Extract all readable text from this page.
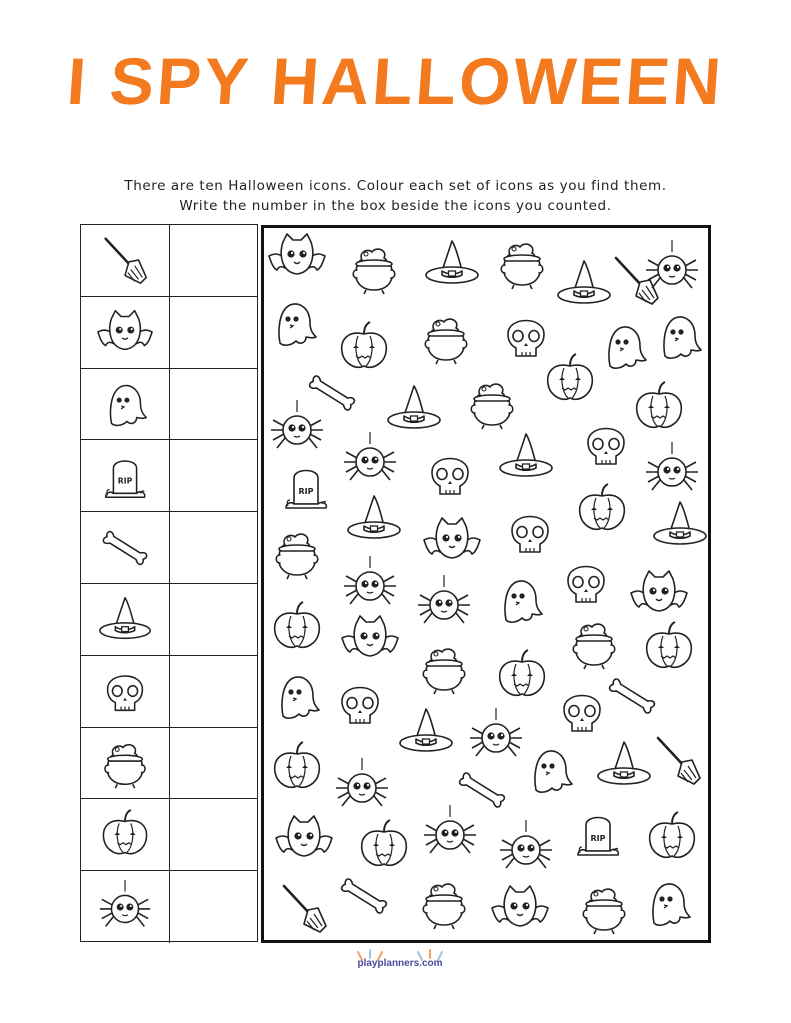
I SPY HALLOWEEN
There are ten Halloween icons. Colour each set of icons as you find them.
Write the number in the box beside the icons you counted.
RIP
RIP
RIP
playplanners.com
